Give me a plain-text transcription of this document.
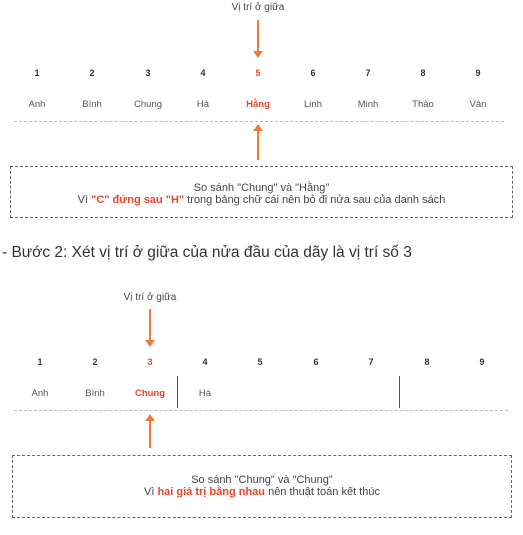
Vị trí ở giữa
1	2	3	4	5	6	7	8	9
Anh	Bình	Chung	Hà	Hằng	Linh	Minh	Thảo	Vân
So sánh "Chung" và "Hằng"
Vì "C" đứng sau "H" trong bảng chữ cái nên bỏ đi nửa sau của danh sách
- Bước 2: Xét vị trí ở giữa của nửa đầu của dãy là vị trí số 3
Vị trí ở giữa
1	2	3	4	5	6	7	8	9
Anh	Bình	Chung	Hà
So sánh "Chung" và "Chung"
Vì hai giá trị bằng nhau nên thuật toán kết thúc
